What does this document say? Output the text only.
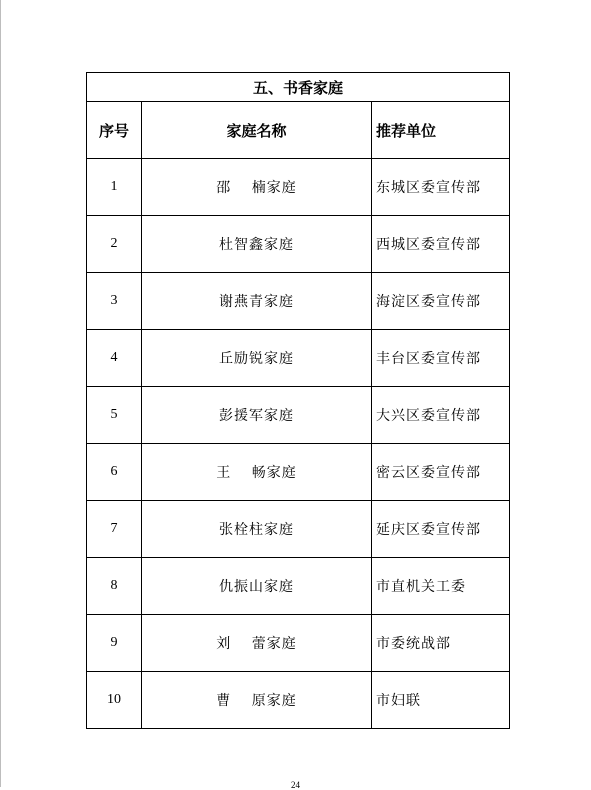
五、书香家庭		
序号	家庭名称	推荐单位
1	邵　 楠家庭	东城区委宣传部
2	杜智鑫家庭	西城区委宣传部
3	谢燕青家庭	海淀区委宣传部
4	丘励锐家庭	丰台区委宣传部
5	彭援军家庭	大兴区委宣传部
6	王　 畅家庭	密云区委宣传部
7	张栓柱家庭	延庆区委宣传部
8	仇振山家庭	市直机关工委
9	刘　 蕾家庭	市委统战部
10	曹　 原家庭	市妇联
24
